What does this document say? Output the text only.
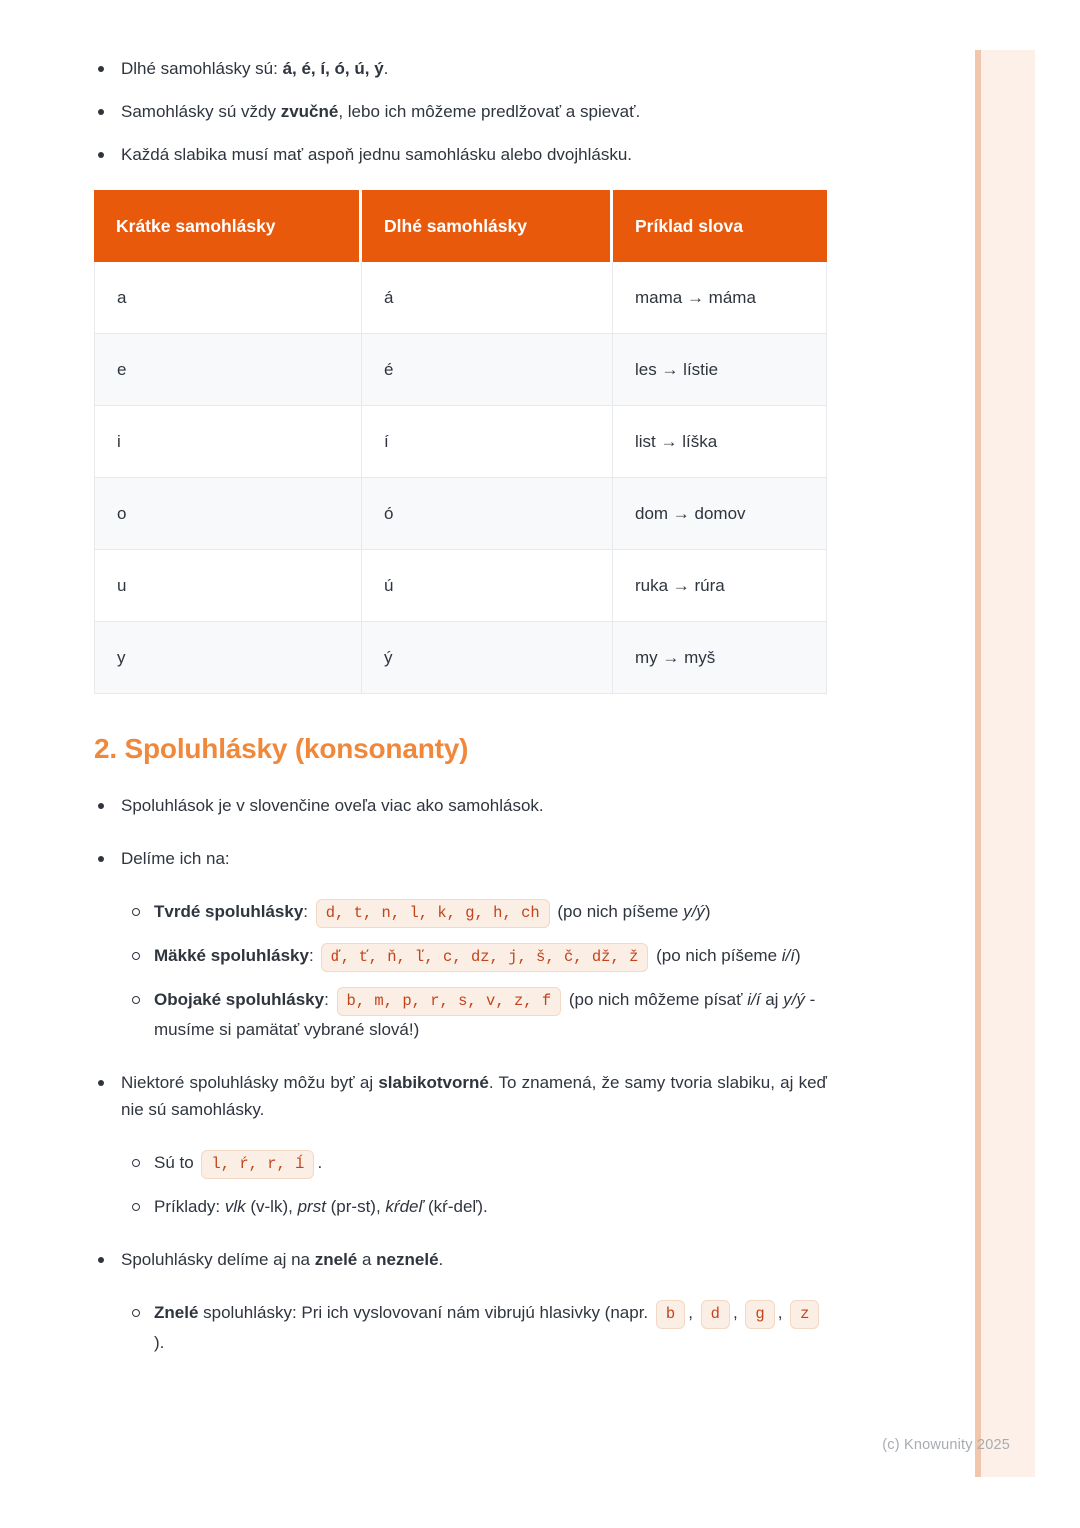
(c) Knowunity 2025
Dlhé samohlásky sú: á, é, í, ó, ú, ý.
Samohlásky sú vždy zvučné, lebo ich môžeme predlžovať a spievať.
Každá slabika musí mať aspoň jednu samohlásku alebo dvojhlásku.
Krátke samohlásky	Dlhé samohlásky	Príklad slova
a	á	mama → máma
e	é	les → lístie
i	í	list → líška
o	ó	dom → domov
u	ú	ruka → rúra
y	ý	my → myš
2. Spoluhlásky (konsonanty)
Spoluhlások je v slovenčine oveľa viac ako samohlások.
Delíme ich na:
Tvrdé spoluhlásky: d, t, n, l, k, g, h, ch (po nich píšeme y/ý)
Mäkké spoluhlásky: ď, ť, ň, ľ, c, dz, j, š, č, dž, ž (po nich píšeme i/í)
Obojaké spoluhlásky: b, m, p, r, s, v, z, f (po nich môžeme písať i/í aj y/ý - musíme si pamätať vybrané slová!)
Niektoré spoluhlásky môžu byť aj slabikotvorné. To znamená, že samy tvoria slabiku, aj keď nie sú samohlásky.
Sú to l, ŕ, r, ĺ .
Príklady: vlk (v-lk), prst (pr-st), kŕdeľ (kŕ-deľ).
Spoluhlásky delíme aj na znelé a neznelé.
Znelé spoluhlásky: Pri ich vyslovovaní nám vibrujú hlasivky (napr. b , d , g , z).
